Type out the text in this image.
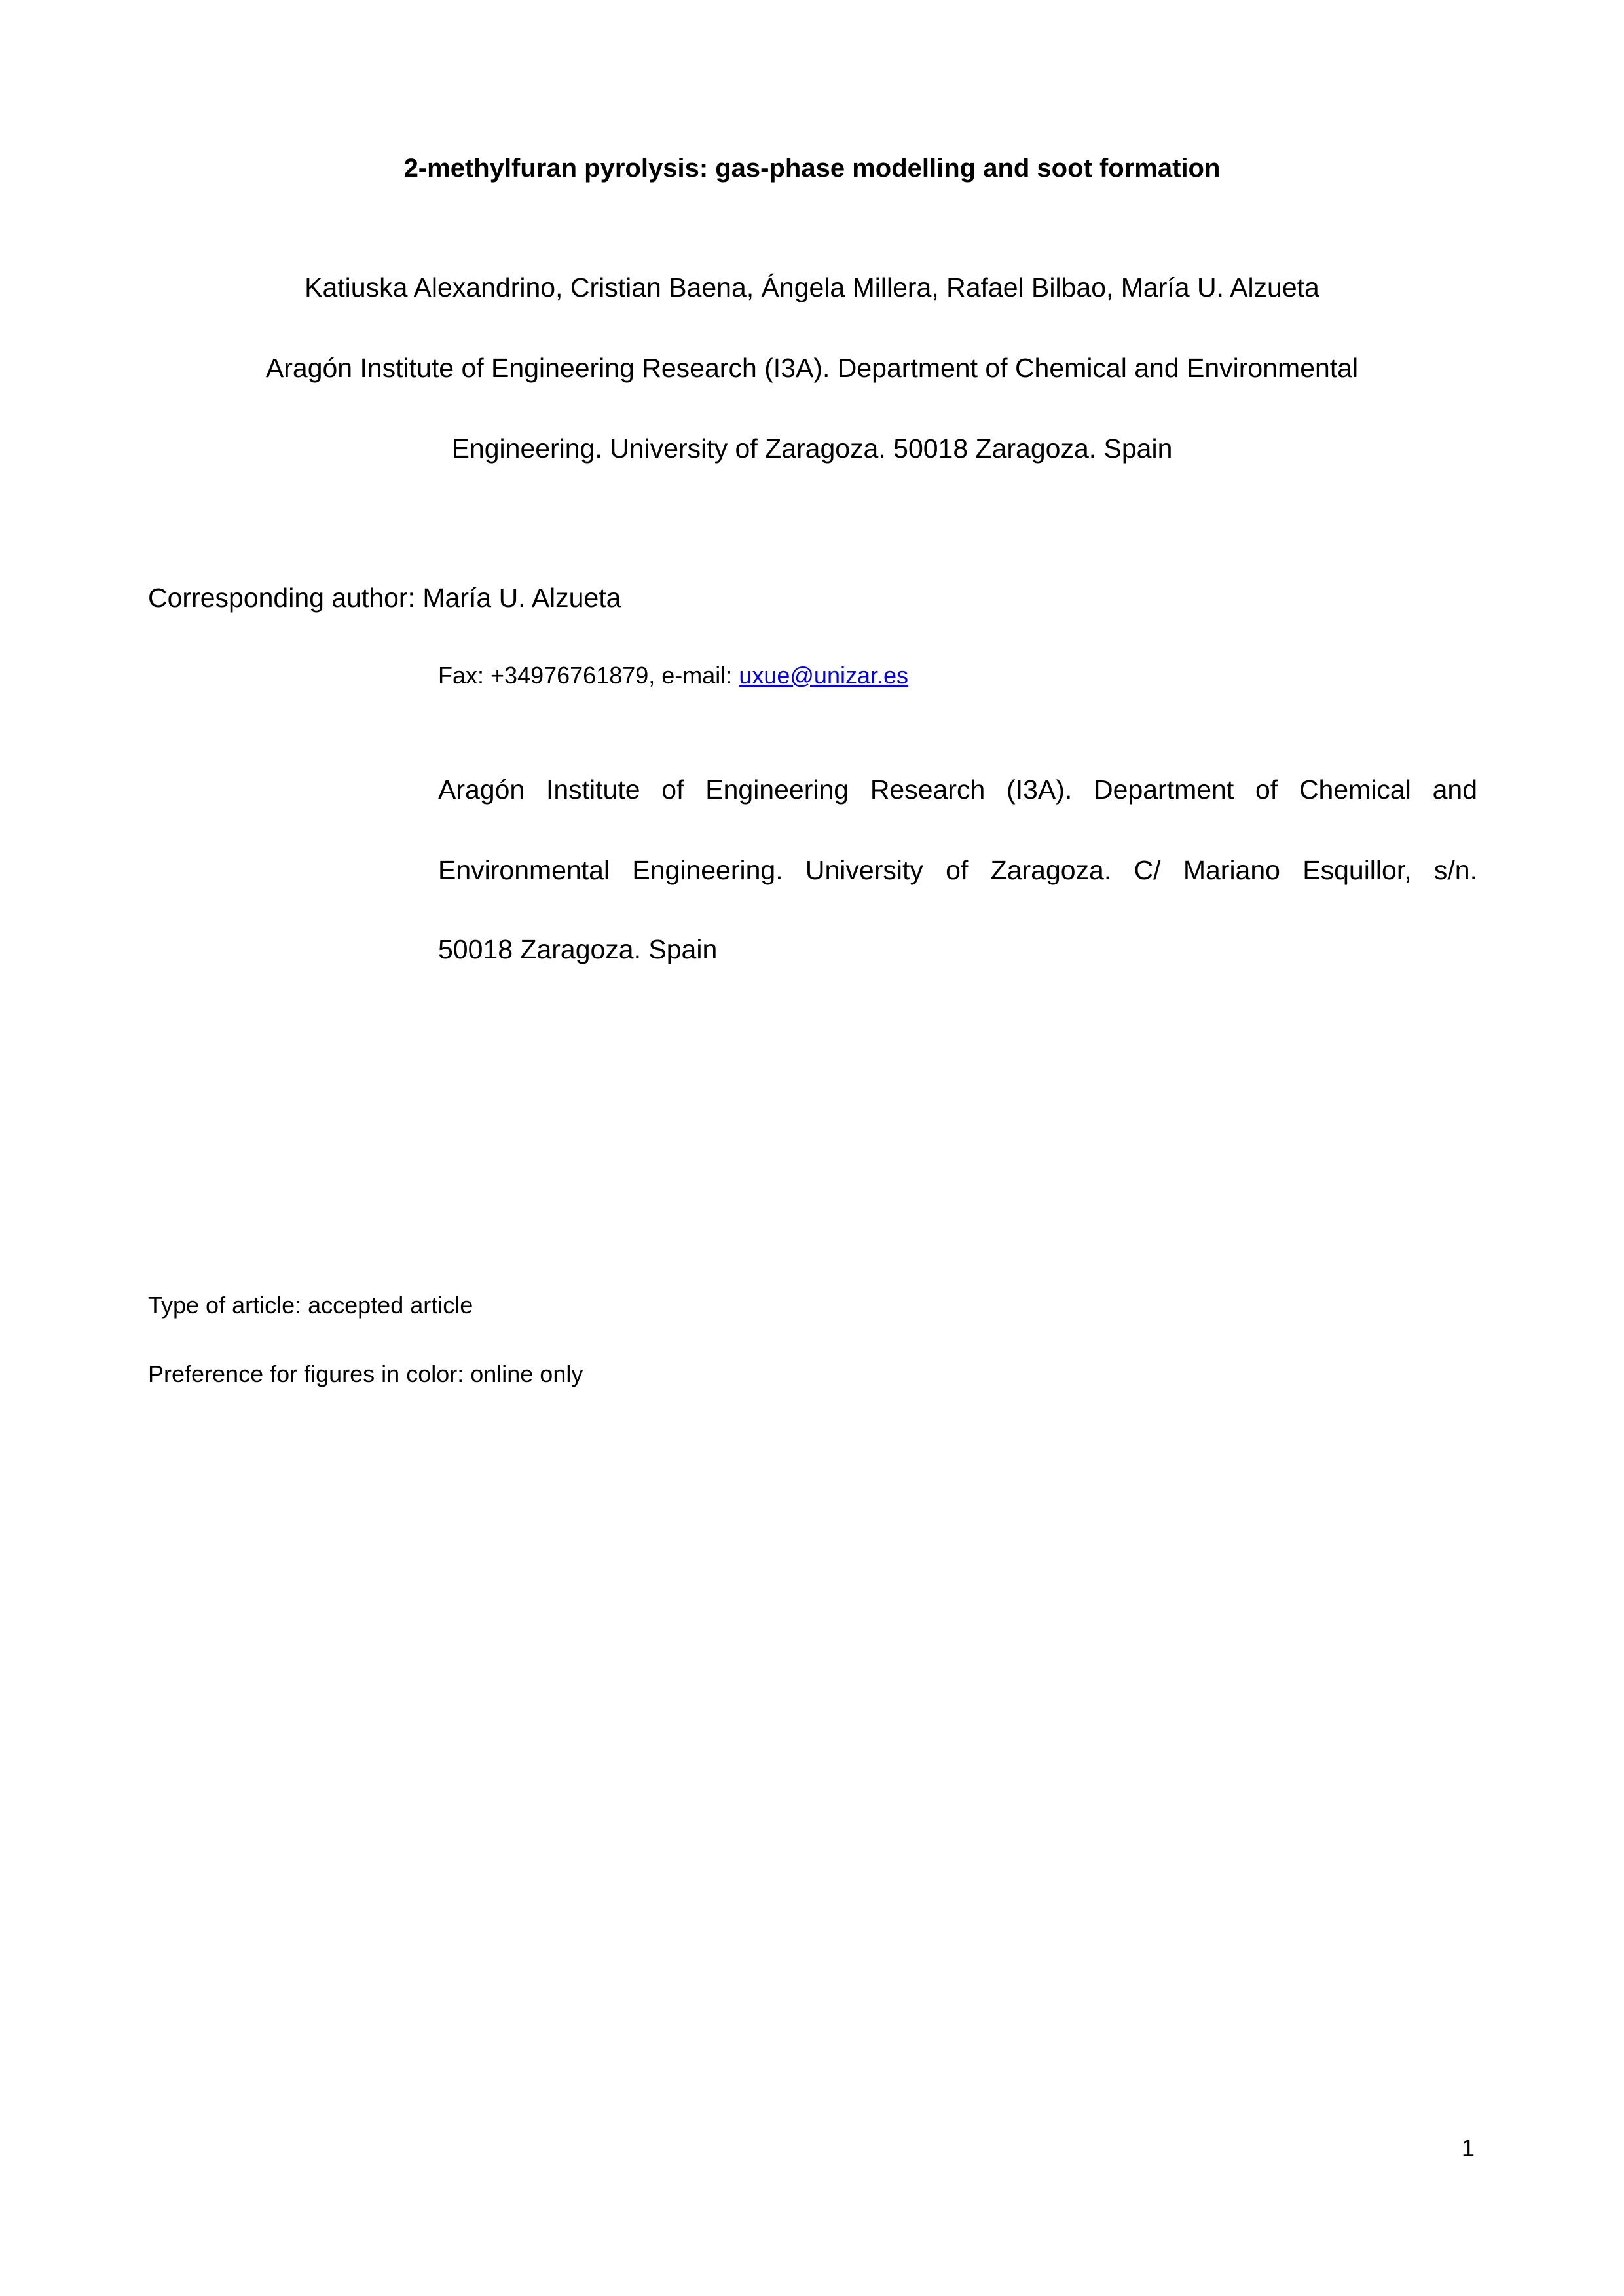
2-methylfuran pyrolysis: gas-phase modelling and soot formation
Katiuska Alexandrino, Cristian Baena, Ángela Millera, Rafael Bilbao, María U. Alzueta
Aragón Institute of Engineering Research (I3A). Department of Chemical and Environmental
Engineering. University of Zaragoza. 50018 Zaragoza. Spain
Corresponding author: María U. Alzueta
Fax: +34976761879, e-mail: uxue@unizar.es
Aragón Institute of Engineering Research (I3A). Department of Chemical and
Environmental Engineering. University of Zaragoza. C/ Mariano Esquillor, s/n.
50018 Zaragoza. Spain
Type of article: accepted article
Preference for figures in color: online only
1
